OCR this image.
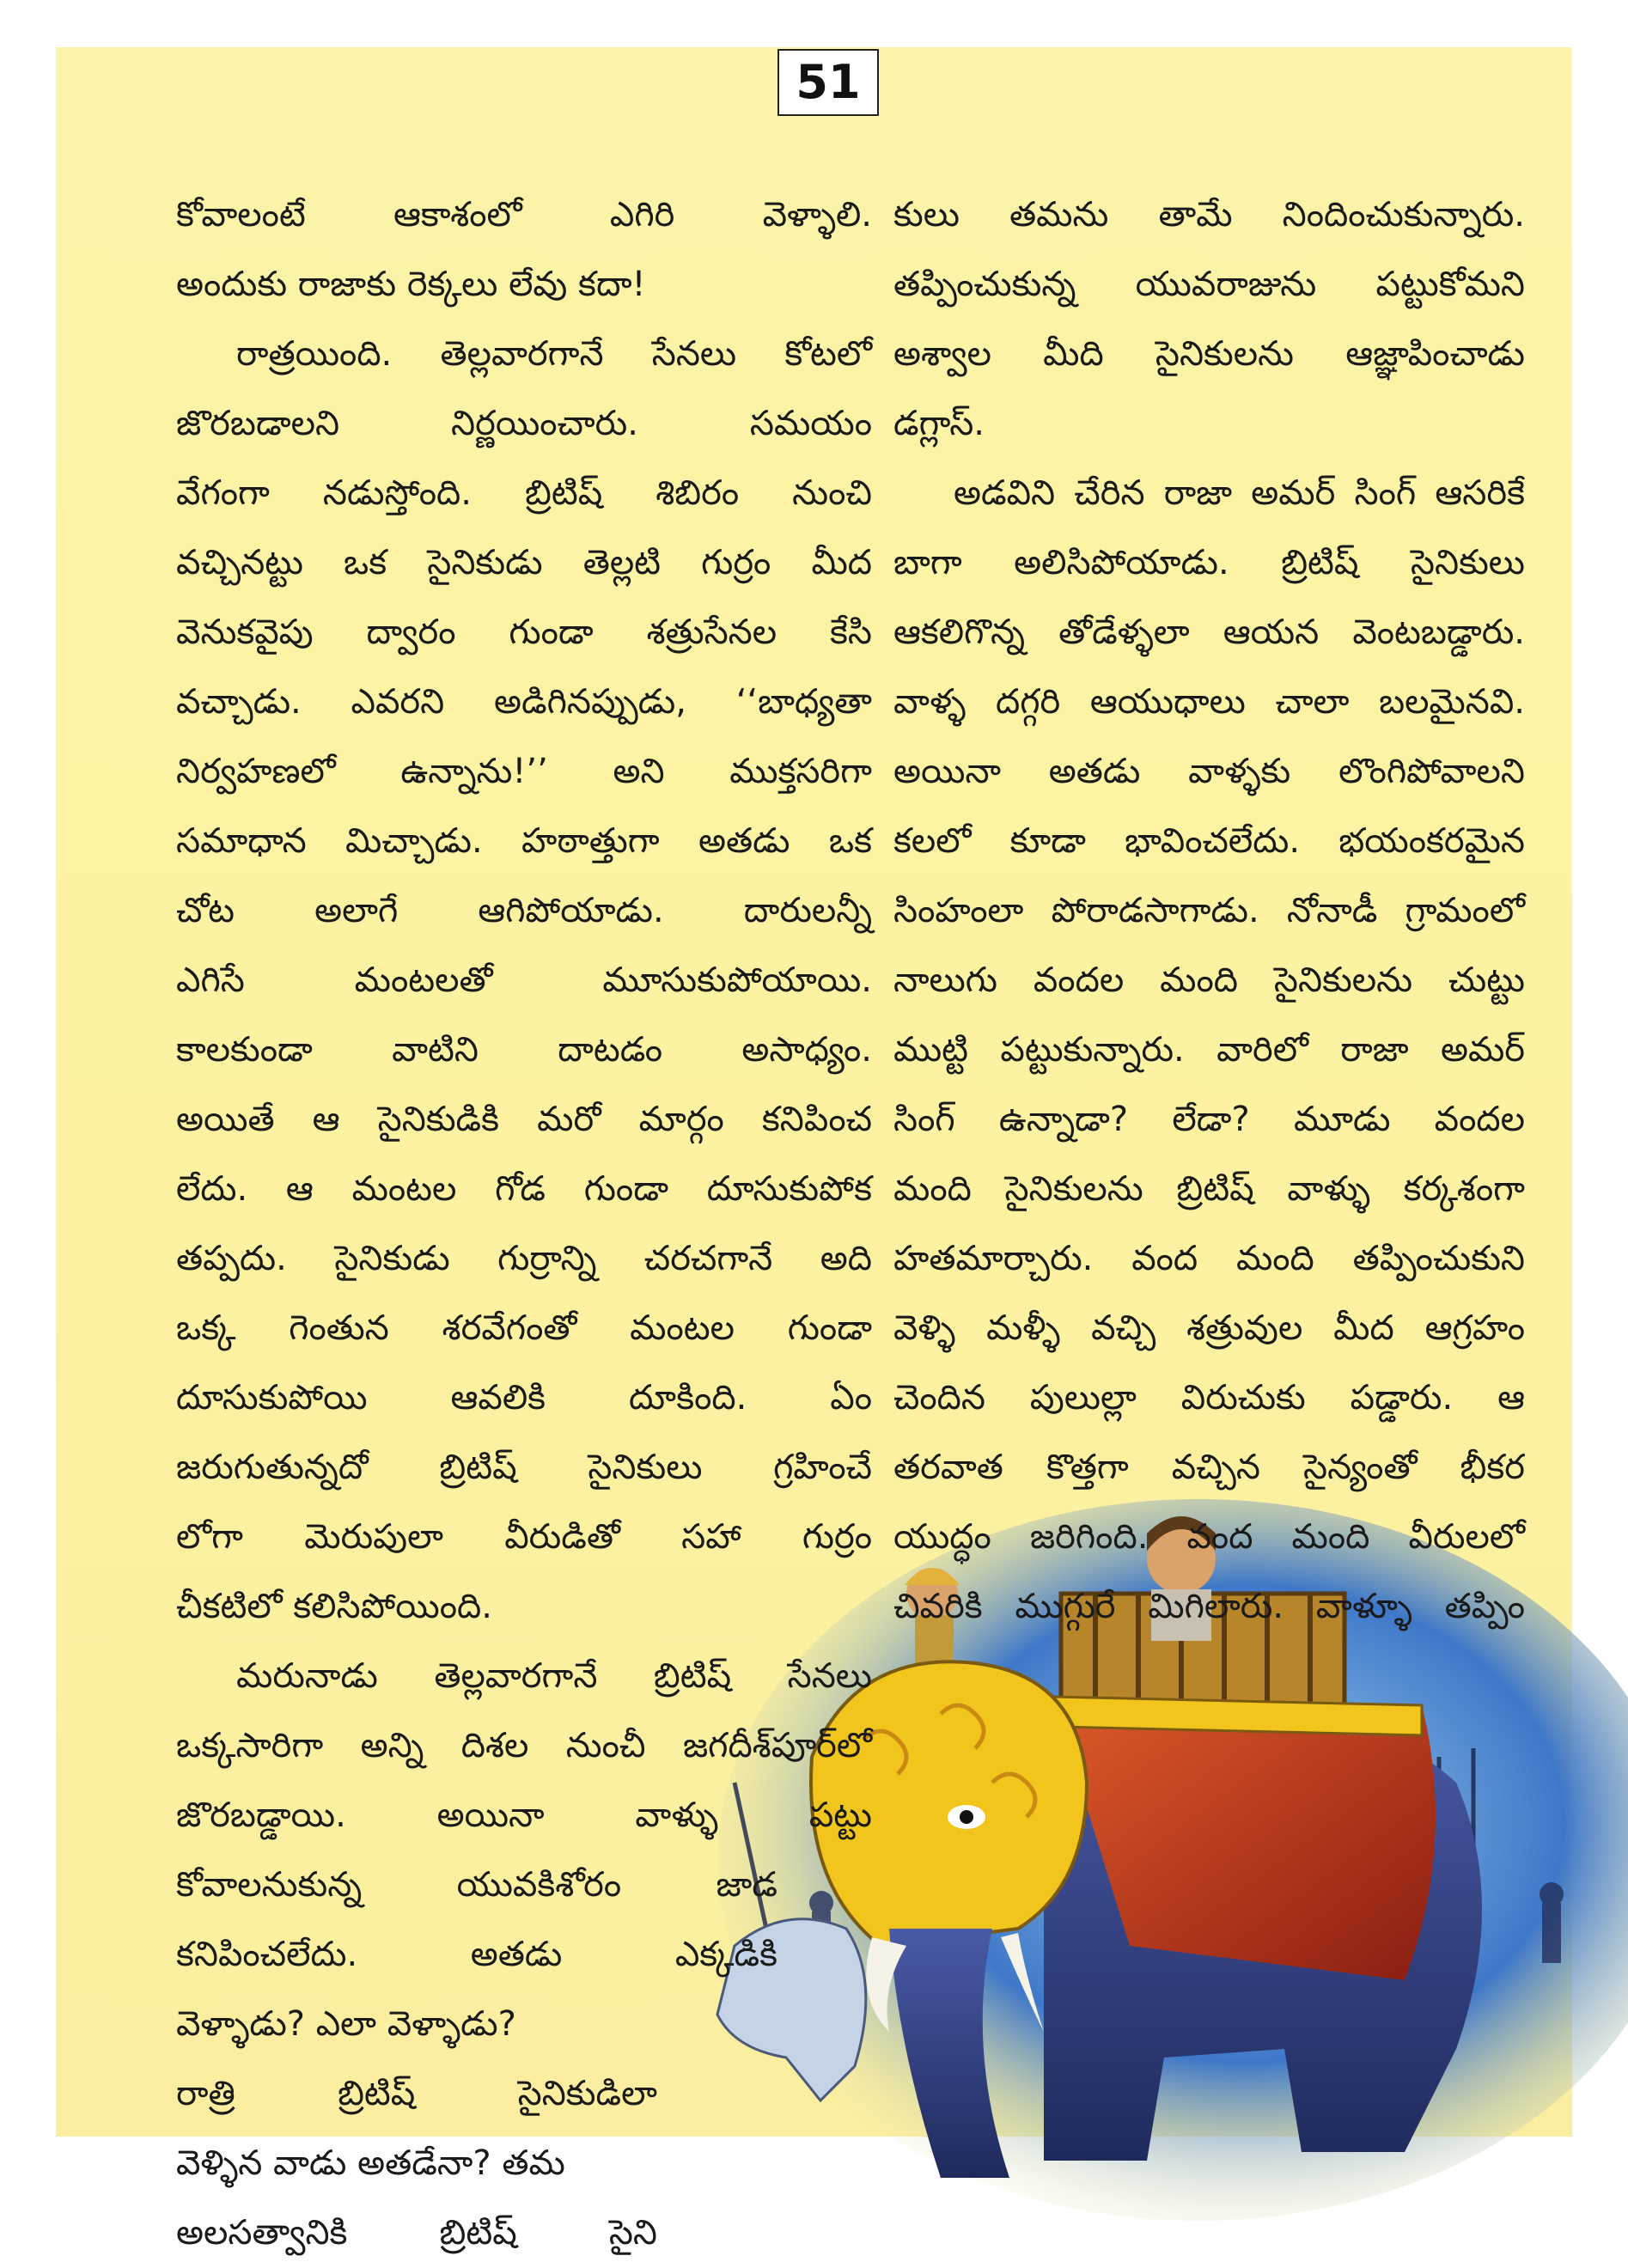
51
కోవాలంటే ఆకాశంలో ఎగిరి వెళ్ళాలి.
అందుకు రాజాకు రెక్కలు లేవు కదా!
రాత్రయింది. తెల్లవారగానే సేనలు కోటలో
జొరబడాలని నిర్ణయించారు. సమయం
వేగంగా నడుస్తోంది. బ్రిటిష్ శిబిరం నుంచి
వచ్చినట్టు ఒక సైనికుడు తెల్లటి గుర్రం మీద
వెనుకవైపు ద్వారం గుండా శత్రుసేనల కేసి
వచ్చాడు. ఎవరని అడిగినప్పుడు, ‘‘బాధ్యతా
నిర్వహణలో ఉన్నాను!’’ అని ముక్తసరిగా
సమాధాన మిచ్చాడు. హఠాత్తుగా అతడు ఒక
చోట అలాగే ఆగిపోయాడు. దారులన్నీ
ఎగిసే మంటలతో మూసుకుపోయాయి.
కాలకుండా వాటిని దాటడం అసాధ్యం.
అయితే ఆ సైనికుడికి మరో మార్గం కనిపించ
లేదు. ఆ మంటల గోడ గుండా దూసుకుపోక
తప్పదు. సైనికుడు గుర్రాన్ని చరచగానే అది
ఒక్క గెంతున శరవేగంతో మంటల గుండా
దూసుకుపోయి ఆవలికి దూకింది. ఏం
జరుగుతున్నదో బ్రిటిష్ సైనికులు గ్రహించే
లోగా మెరుపులా వీరుడితో సహా గుర్రం
చీకటిలో కలిసిపోయింది.
మరునాడు తెల్లవారగానే బ్రిటిష్ సేనలు
ఒక్కసారిగా అన్ని దిశల నుంచీ జగదీశ్‌పూర్‌లో
జొరబడ్డాయి. అయినా వాళ్ళు పట్టు
కోవాలనుకున్న యువకిశోరం జాడ
కనిపించలేదు. అతడు ఎక్కడికి
వెళ్ళాడు? ఎలా వెళ్ళాడు?
రాత్రి బ్రిటిష్ సైనికుడిలా
వెళ్ళిన వాడు అతడేనా? తమ
అలసత్వానికి బ్రిటిష్ సైని
కులు తమను తామే నిందించుకున్నారు.
తప్పించుకున్న యువరాజును పట్టుకోమని
అశ్వాల మీది సైనికులను ఆజ్ఞాపించాడు
డగ్లాస్.
అడవిని చేరిన రాజా అమర్ సింగ్ ఆసరికే
బాగా అలిసిపోయాడు. బ్రిటిష్ సైనికులు
ఆకలిగొన్న తోడేళ్ళలా ఆయన వెంటబడ్డారు.
వాళ్ళ దగ్గరి ఆయుధాలు చాలా బలమైనవి.
అయినా అతడు వాళ్ళకు లొంగిపోవాలని
కలలో కూడా భావించలేదు. భయంకరమైన
సింహంలా పోరాడసాగాడు. నోనాడీ గ్రామంలో
నాలుగు వందల మంది సైనికులను చుట్టు
ముట్టి పట్టుకున్నారు. వారిలో రాజా అమర్
సింగ్ ఉన్నాడా? లేడా? మూడు వందల
మంది సైనికులను బ్రిటిష్ వాళ్ళు కర్కశంగా
హతమార్చారు. వంద మంది తప్పించుకుని
వెళ్ళి మళ్ళీ వచ్చి శత్రువుల మీద ఆగ్రహం
చెందిన పులుల్లా విరుచుకు పడ్డారు. ఆ
తరవాత కొత్తగా వచ్చిన సైన్యంతో భీకర
యుద్ధం జరిగింది. వంద మంది వీరులలో
చివరికి ముగ్గురే మిగిలారు. వాళ్ళూ తప్పిం
